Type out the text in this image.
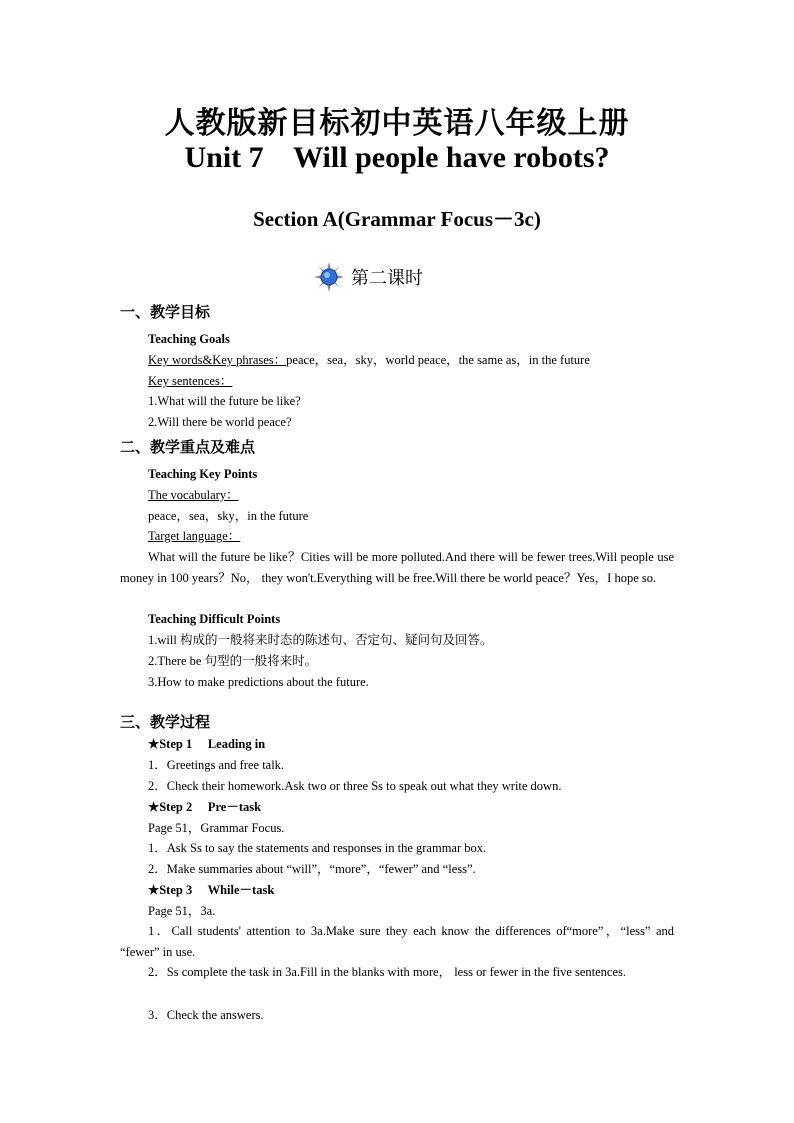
人教版新目标初中英语八年级上册
Unit 7    Will people have robots?
Section A(Grammar Focus－3c)
第二课时
一、教学目标
Teaching Goals
Key words&Key phrases：peace，sea，sky，world peace，the same as，in the future
Key sentences：
1.What will the future be like?
2.Will there be world peace?
二、教学重点及难点
Teaching Key Points
The vocabulary：
peace，sea，sky，in the future
Target language：
What will the future be like？Cities will be more polluted.And there will be fewer trees.Will people use money in 100 years？No， they won't.Everything will be free.Will there be world peace？Yes，I hope so.
Teaching Difficult Points
1.will 构成的一般将来时态的陈述句、否定句、疑问句及回答。
2.There be 句型的一般将来时。
3.How to make predictions about the future.
三、教学过程
★Step 1     Leading in
1．Greetings and free talk.
2．Check their homework.Ask two or three Ss to speak out what they write down.
★Step 2     Pre－task
Page 51，Grammar Focus.
1．Ask Ss to say the statements and responses in the grammar box.
2．Make summaries about “will”，“more”，“fewer” and “less”.
★Step 3     While－task
Page 51，3a.
1．Call students' attention to 3a.Make sure they each know the differences of“more”，“less” and “fewer” in use.
2．Ss complete the task in 3a.Fill in the blanks with more， less or fewer in the five sentences.
3．Check the answers.
